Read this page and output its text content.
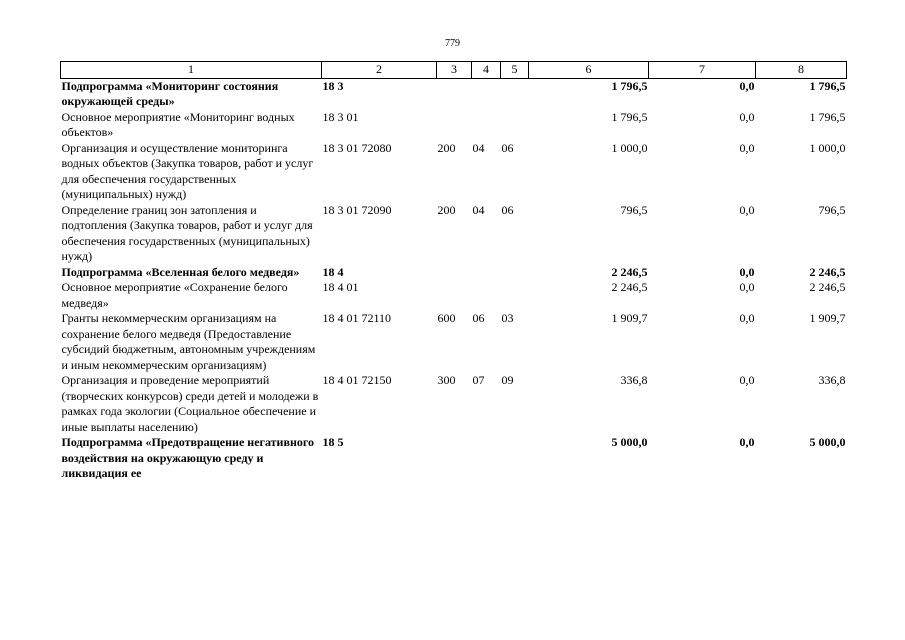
779
1	2	3	4	5	6	7	8
Подпрограмма «Мониторинг состояния окружающей среды»	18 3				1 796,5	0,0	1 796,5
Основное мероприятие «Мониторинг водных объектов»	18 3 01				1 796,5	0,0	1 796,5
Организация и осуществление мониторинга водных объектов (Закупка товаров, работ и услуг для обеспечения государственных (муниципальных) нужд)	18 3 01 72080	200	04	06	1 000,0	0,0	1 000,0
Определение границ зон затопления и подтопления (Закупка товаров, работ и услуг для обеспечения государственных (муниципальных) нужд)	18 3 01 72090	200	04	06	796,5	0,0	796,5
Подпрограмма «Вселенная белого медведя»	18 4				2 246,5	0,0	2 246,5
Основное мероприятие «Сохранение белого медведя»	18 4 01				2 246,5	0,0	2 246,5
Гранты некоммерческим организациям на сохранение белого медведя (Предоставление субсидий бюджетным, автономным учреждениям и иным некоммерческим организациям)	18 4 01 72110	600	06	03	1 909,7	0,0	1 909,7
Организация и проведение мероприятий (творческих конкурсов) среди детей и молодежи в рамках года экологии (Социальное обеспечение и иные выплаты населению)	18 4 01 72150	300	07	09	336,8	0,0	336,8
Подпрограмма «Предотвращение негативного воздействия на окружающую среду и ликвидация ее	18 5				5 000,0	0,0	5 000,0
